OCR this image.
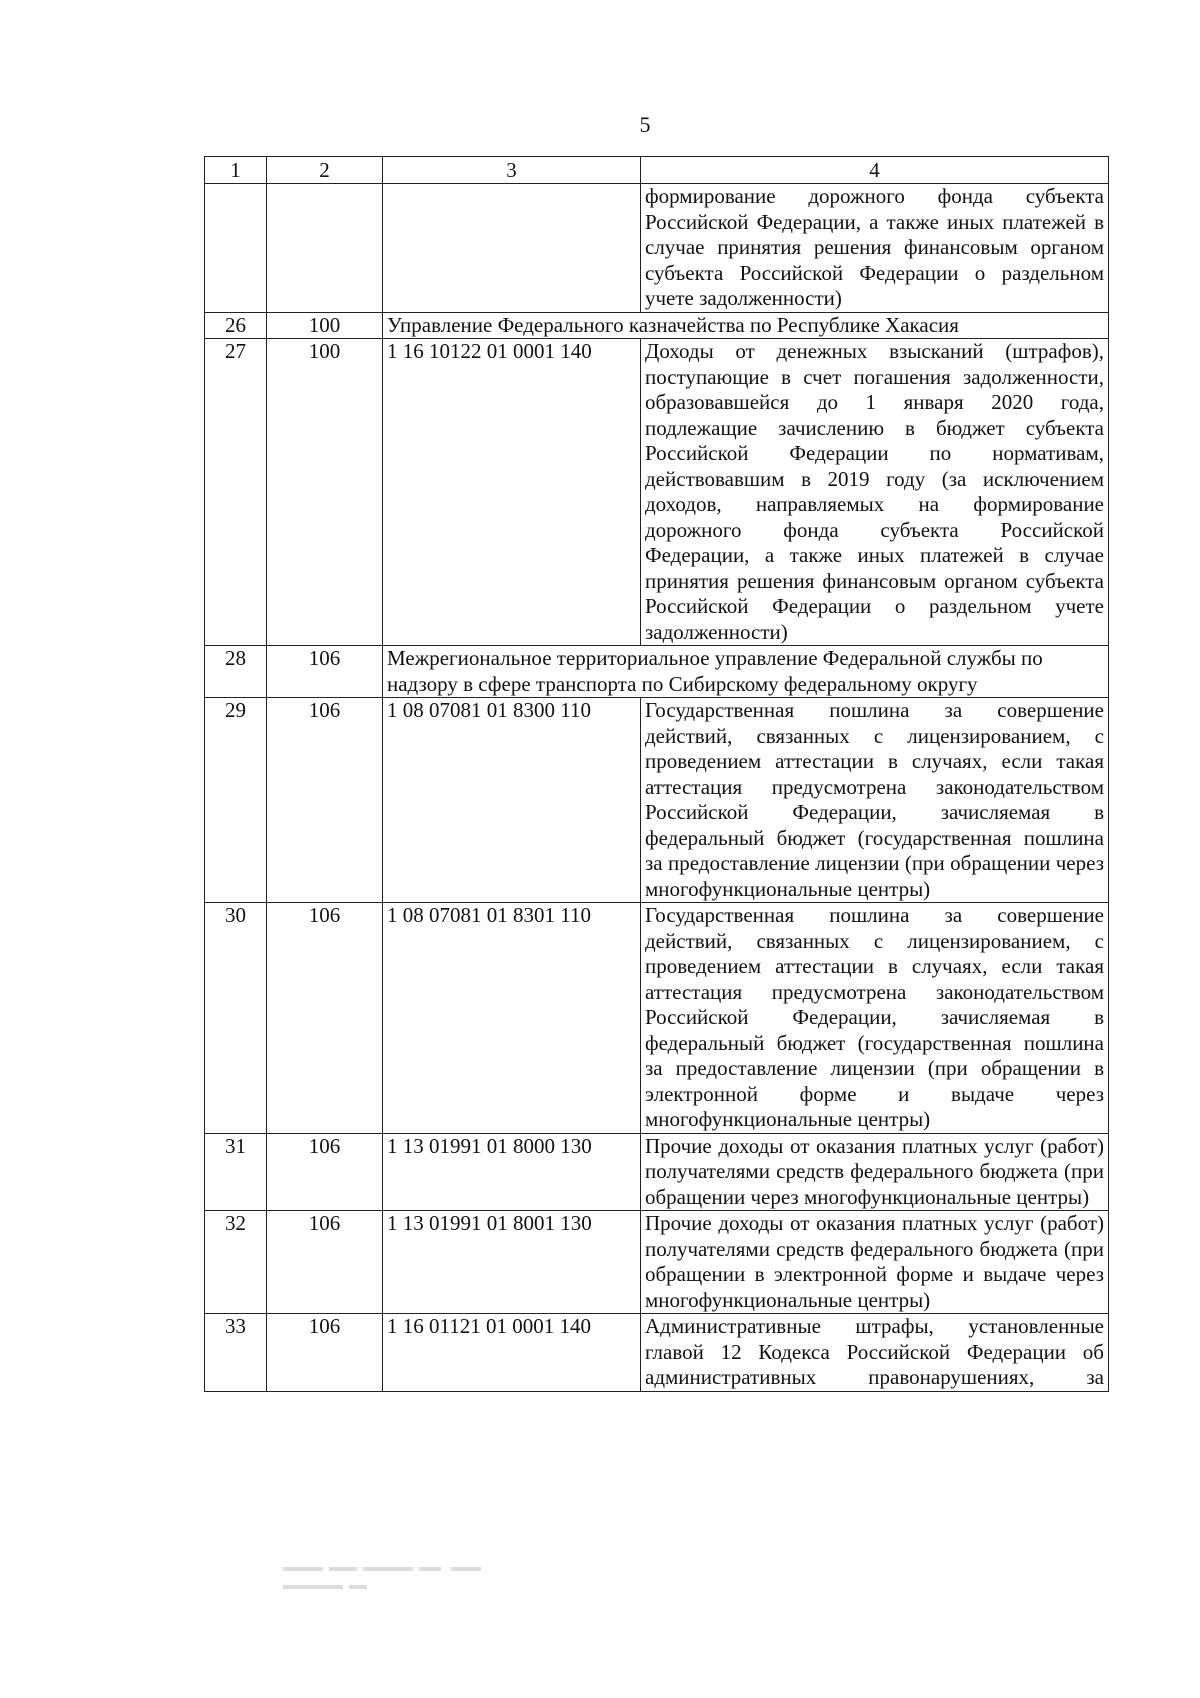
5
1	2	3	4
			формирование дорожного фонда субъекта Российской Федерации, а также иных платежей в случае принятия решения финансовым органом субъекта Российской Федерации о раздельном учете задолженности)
26	100	Управление Федерального казначейства по Республике Хакасия	
27	100	1 16 10122 01 0001 140	Доходы от денежных взысканий (штрафов), поступающие в счет погашения задолженности, образовавшейся до 1 января 2020 года, подлежащие зачислению в бюджет субъекта Российской Федерации по нормативам, действовавшим в 2019 году (за исключением доходов, направляемых на формирование дорожного фонда субъекта Российской Федерации, а также иных платежей в случае принятия решения финансовым органом субъекта Российской Федерации о раздельном учете задолженности)
28	106	Межрегиональное территориальное управление Федеральной службы по надзору в сфере транспорта по Сибирскому федеральному округу	
29	106	1 08 07081 01 8300 110	Государственная пошлина за совершение действий, связанных с лицензированием, с проведением аттестации в случаях, если такая аттестация предусмотрена законодательством Российской Федерации, зачисляемая в федеральный бюджет (государственная пошлина за предоставление лицензии (при обращении через многофункциональные центры)
30	106	1 08 07081 01 8301 110	Государственная пошлина за совершение действий, связанных с лицензированием, с проведением аттестации в случаях, если такая аттестация предусмотрена законодательством Российской Федерации, зачисляемая в федеральный бюджет (государственная пошлина за предоставление лицензии (при обращении в электронной форме и выдаче через многофункциональные центры)
31	106	1 13 01991 01 8000 130	Прочие доходы от оказания платных услуг (работ) получателями средств федерального бюджета (при обращении через многофункциональные центры)
32	106	1 13 01991 01 8001 130	Прочие доходы от оказания платных услуг (работ) получателями средств федерального бюджета (при обращении в электронной форме и выдаче через многофункциональные центры)
33	106	1 16 01121 01 0001 140	Административные штрафы, установленные главой 12 Кодекса Российской Федерации об административных правонарушениях, за
